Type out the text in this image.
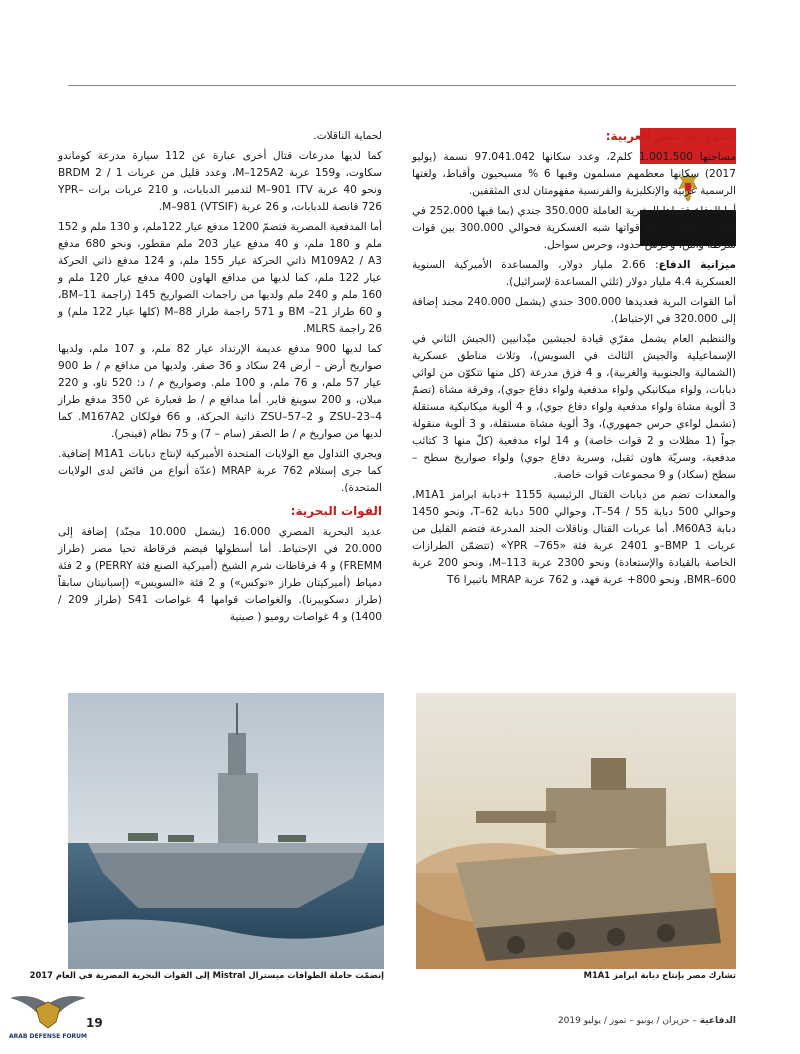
جمهورية مصر العربية:

مساحتها 1.001.500 كلم2، وعدد سكانها 97.041.042 نسمة (يوليو 2017) سكانها معظمهم مسلمون وفيها 6 % مسيحيون وأقباط، ولغتها الرسمية عربية والإنكليزية والفرنسية مفهومتان لدى المثقفين.

أما الدفاع فقواها البشرية العاملة 350.000 جندي (بما فيها 252.000 في الخدمة الإجبارية. أما قواتها شبه العسكرية فحوالي 300.000 بين قوات شرطة وأمن، وحرس حدود، وحرس سواحل.

ميزانية الدفاع: 2.66 مليار دولار، والمساعدة الأميركية السنوية العسكرية 4.4 مليار دولار (ثلثي المساعدة لإسرائيل).

أما القوات البرية فعديدها 300.000 جندي (يشمل 240.000 مجند إضافة إلى 320.000 في الإحتياط).

والتنظيم العام يشمل مقرّي قيادة لجيشين ميْدانيين (الجيش الثاني في الإسماعيلية والجيش الثالث في السويس)، وثلاث مناطق عسكرية (الشمالية والجنوبية والغربية)، و 4 فرق مدرعة (كل منها تتكوّن من لوائي دبابات، ولواء ميكانيكي ولواء مدفعية ولواء دفاع جوي)، وفرقة مشاة (تضمّ 3 ألوية مشاة ولواء مدفعية ولواء دفاع جوي)، و 4 ألوية ميكانيكية مستقلة (تشمل لواءي حرس جمهوري)، و3 ألوية مشاة مستقلة، و 3 ألوية منقولة جواً (1 مظلات و 2 قوات خاصة) و 14 لواء مدفعية (كلّ منها 3 كتائب مدفعية، وسريّة هاون ثقيل، وسرية دفاع جوي) ولواء صواريخ سطح – سطح (سكاد) و 9 مجموعات قوات خاصة.

والمعدات تضم من دبابات القتال الرئيسية 1155 +دبابة ابرامز M1A1، وحوالي 500 دبابة T–54 / 55، وحوالي 500 دبابة T–62، ونحو 1450 دبابة M60A3. أما عربات القتال وناقلات الجند المدرعة فتضم القليل من عربات BMP 1–و 2401 عربة فئة «YPR –765» (تتضمّن الطرازات الخاصة بالقيادة والإستعادة) ونحو 2300 عربة M–113، ونحو 200 عربة BMR–600، ونحو 800+ عربة فهد، و 762 عربة MRAP باتبيرا T6

لحماية الناقلات.

كما لديها مدرعات قتال أخرى عبارة عن 112 سيارة مدرعة كوماندو سكاوت، و159 عربة M–125A2، وعدد قليل من عربات 1 / BRDM 2 ونحو 40 عربة M–901 ITV لتدمير الدبابات، و 210 عربات برات YPR–726 قانصة للدبابات، و 26 عربة M–981 (VTSIF).

أما المدفعية المصرية فتضمّ 1200 مدفع عيار 122ملم، و 130 ملم و 152 ملم و 180 ملم، و 40 مدفع عيار 203 ملم مقطور، ونحو 680 مدفع M109A2 / A3 ذاتي الحركة عيار 155 ملم، و 124 مدفع ذاتي الحركة عيار 122 ملم، كما لديها من مدافع الهاون 400 مدفع عيار 120 ملم و 160 ملم و 240 ملم ولديها من راجمات الصواريخ 145 (راجمة BM–11، و 60 طراز BM –21 و 571 راجمة طراز M–88 (كلها عيار 122 ملم) و 26 راجمة MLRS.

كما لديها 900 مدفع عديمة الإرتداد عيار 82 ملم، و 107 ملم، ولديها صواريخ أرض – أرض 24 سكاد و 36 صقر. ولديها من مدافع م / ط 900 عيار 57 ملم، و 76 ملم، و 100 ملم. وصواريخ م / د: 520 تاو، و 220 ميلان، و 200 سوينغ فاير. أما مدافع م / ط فعبارة عن 350 مدفع طراز ZSU–23–4 و ZSU–57–2 ذاتية الحركة، و 66 فولكان M167A2. كما لديها من صواريخ م / ط الصقر (سام – 7) و 75 نظام (فينجر).

ويجري التداول مع الولايات المتحدة الأميركية لإنتاج دبابات M1A1 إضافية. كما جرى إستلام 762 عربة MRAP (عدّة أنواع من فائض لدى الولايات المتحدة).

القوات البحرية:

عديد البحرية المصري 16.000 (يشمل 10.000 مجنّد) إضافة إلى 20.000 في الإحتياط. أما أسطولها فيضم فرقاطة تحيا مصر (طراز FREMM) و 4 فرقاطات شرم الشيخ (أميركية الصنع فئة PERRY) و 2 فئة دمياط (أميركيتان طراز «نوكس») و 2 فئة «السويس» (إسبانيتان سابقاً (طراز دسكوبيرنا). والغواصات قوامها 4 غواصات S41 (طراز 209 / 1400) و 4 غواصات روميو ( صينية

إنضمّت حاملة الطوافات ميسترال Mistral إلى القوات البحرية المصرية في العام 2017	تشارك مصر بإنتاج دبابة ابرامز M1A1
الدفاعية – حزيران / يونيو – تموز / يوليو 2019
19
ARAB DEFENSE FORUM
